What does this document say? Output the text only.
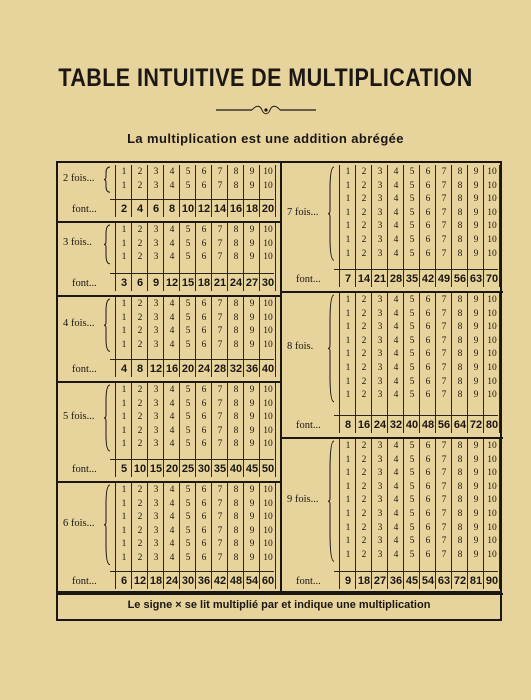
TABLE INTUITIVE DE MULTIPLICATION
La multiplication est une addition abrégée
1	2	3	4	5	6	7	8	9 10
1	2	3	4	5	6	7	8	9 10
2 fois...
font...	2 4 6 8 10 12 14 16 18 20
1	2	3	4	5	6	7	8	9 10
1	2	3	4	5	6	7	8	9 10
1	2	3	4	5	6	7	8	9 10
3 fois..
font...	3 6 9 12 15 18 21 24 27 30
1	2	3	4	5	6	7	8	9 10
1	2	3	4	5	6	7	8	9 10
1	2	3	4	5	6	7	8	9 10
1	2	3	4	5	6	7	8	9 10
4 fois...
font...	4 8 12 16 20 24 28 32 36 40
1	2	3	4	5	6	7	8	9 10
1	2	3	4	5	6	7	8	9 10
1	2	3	4	5	6	7	8	9 10
1	2	3	4	5	6	7	8	9 10
1	2	3	4	5	6	7	8	9 10
5 fois...
font...	5 10 15 20 25 30 35 40 45 50
1	2	3	4	5	6	7	8	9 10
1	2	3	4	5	6	7	8	9 10
1	2	3	4	5	6	7	8	9 10
1	2	3	4	5	6	7	8	9 10
1	2	3	4	5	6	7	8	9 10
1	2	3	4	5	6	7	8	9 10
6 fois...
font...	6 12 18 24 30 36 42 48 54 60
1	2	3	4	5	6	7	8	9 10
1	2	3	4	5	6	7	8	9 10
1	2	3	4	5	6	7	8	9 10
1	2	3	4	5	6	7	8	9 10
1	2	3	4	5	6	7	8	9 10
1	2	3	4	5	6	7	8	9 10
1	2	3	4	5	6	7	8	9 10
7 fois...
font...	7 14 21 28 35 42 49 56 63 70
1	2	3	4	5	6	7	8	9 10
1	2	3	4	5	6	7	8	9 10
1	2	3	4	5	6	7	8	9 10
1	2	3	4	5	6	7	8	9 10
1	2	3	4	5	6	7	8	9 10
1	2	3	4	5	6	7	8	9 10
1	2	3	4	5	6	7	8	9 10
1	2	3	4	5	6	7	8	9 10
8 fois.
font...	8 16 24 32 40 48 56 64 72 80
1	2	3	4	5	6	7	8	9 10
1	2	3	4	5	6	7	8	9 10
1	2	3	4	5	6	7	8	9 10
1	2	3	4	5	6	7	8	9 10
1	2	3	4	5	6	7	8	9 10
1	2	3	4	5	6	7	8	9 10
1	2	3	4	5	6	7	8	9 10
1	2	3	4	5	6	7	8	9 10
1	2	3	4	5	6	7	8	9 10
9 fois...
font...	9 18 27 36 45 54 63 72 81 90
Le signe × se lit multiplié par et indique une multiplication
